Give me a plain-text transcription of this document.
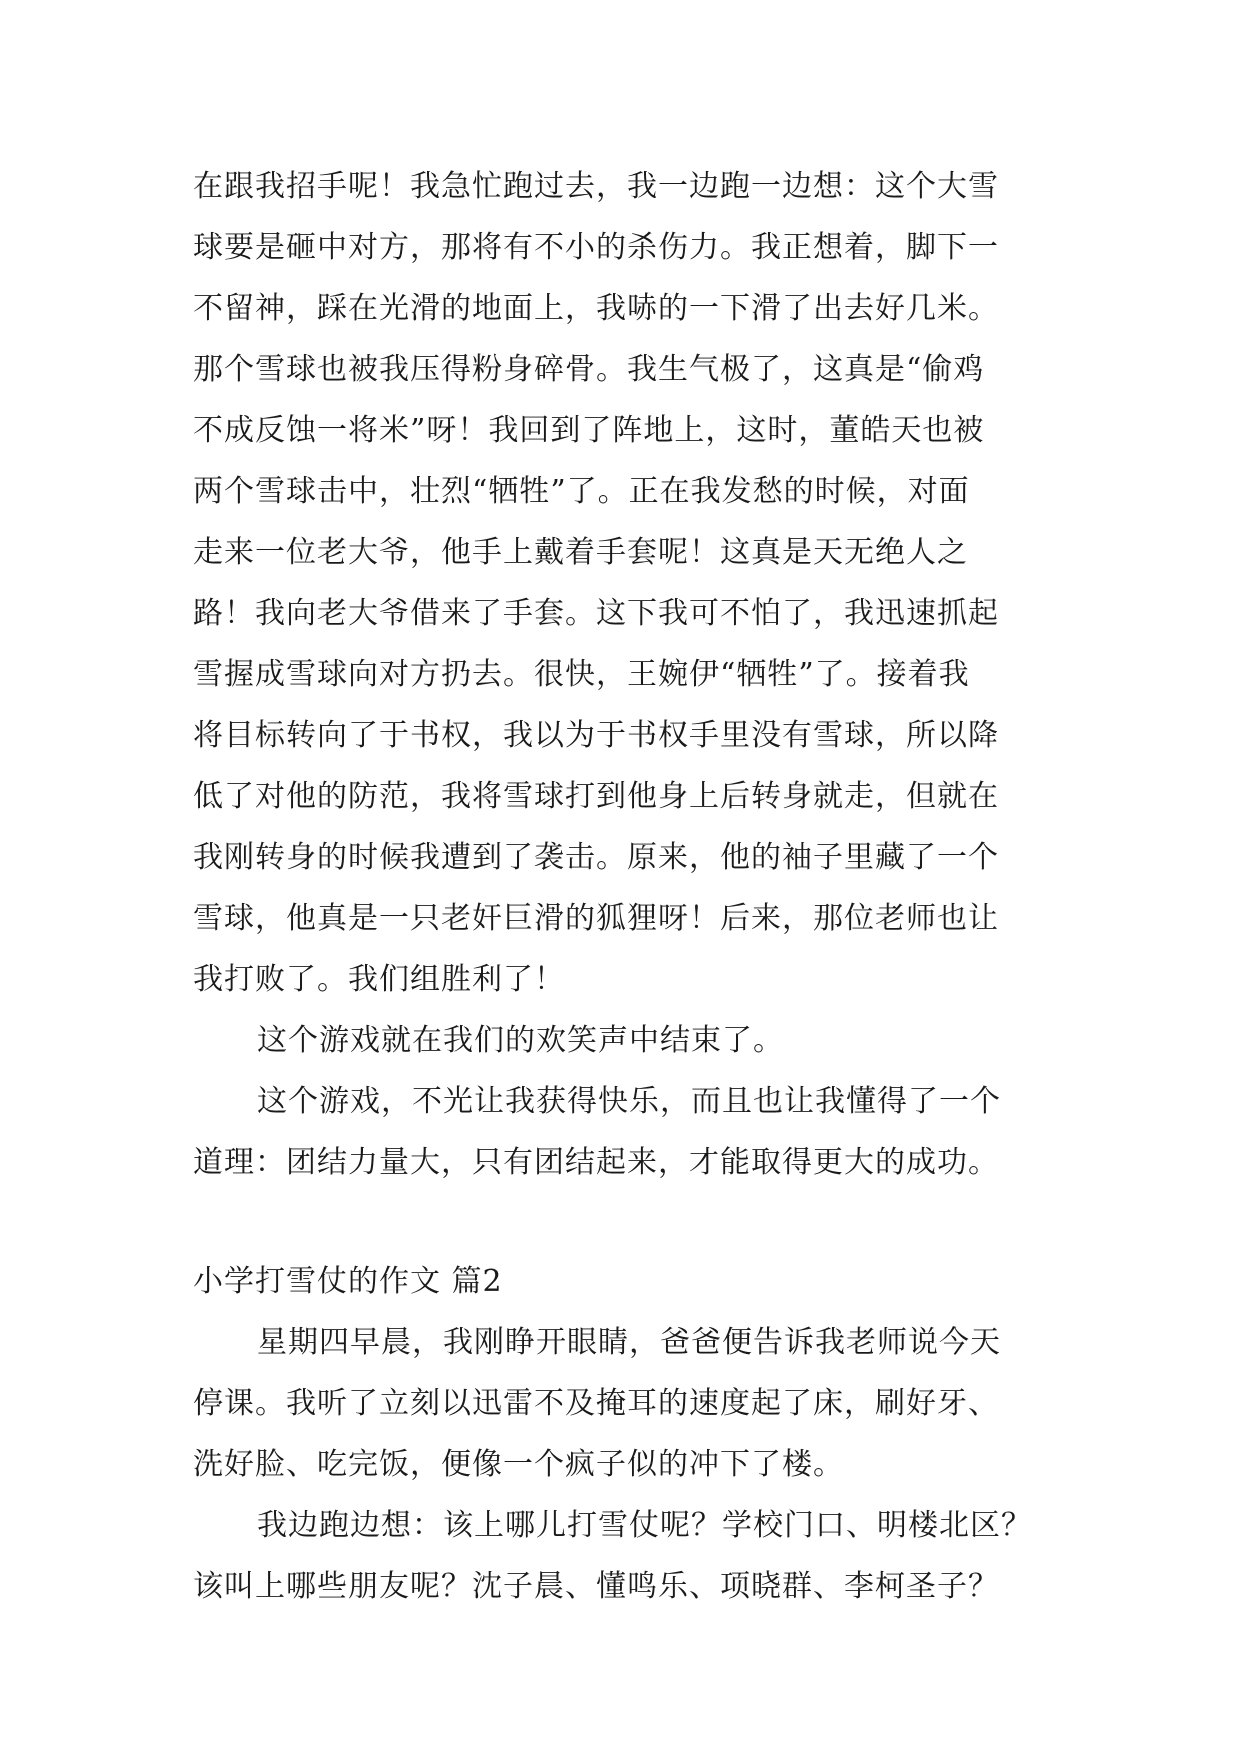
在跟我招手呢！我急忙跑过去，我一边跑一边想：这个大雪
球要是砸中对方，那将有不小的杀伤力。我正想着，脚下一
不留神，踩在光滑的地面上，我哧的一下滑了出去好几米。
那个雪球也被我压得粉身碎骨。我生气极了，这真是“偷鸡
不成反蚀一将米”呀！我回到了阵地上，这时，董皓天也被
两个雪球击中，壮烈“牺牲”了。正在我发愁的时候，对面
走来一位老大爷，他手上戴着手套呢！这真是天无绝人之
路！我向老大爷借来了手套。这下我可不怕了，我迅速抓起
雪握成雪球向对方扔去。很快，王婉伊“牺牲”了。接着我
将目标转向了于书权，我以为于书权手里没有雪球，所以降
低了对他的防范，我将雪球打到他身上后转身就走，但就在
我刚转身的时候我遭到了袭击。原来，他的袖子里藏了一个
雪球，他真是一只老奸巨滑的狐狸呀！后来，那位老师也让
我打败了。我们组胜利了！
这个游戏就在我们的欢笑声中结束了。
这个游戏，不光让我获得快乐，而且也让我懂得了一个
道理：团结力量大，只有团结起来，才能取得更大的成功。
小学打雪仗的作文 篇2
星期四早晨，我刚睁开眼睛，爸爸便告诉我老师说今天
停课。我听了立刻以迅雷不及掩耳的速度起了床，刷好牙、
洗好脸、吃完饭，便像一个疯子似的冲下了楼。
我边跑边想：该上哪儿打雪仗呢？学校门口、明楼北区？
该叫上哪些朋友呢？沈子晨、懂鸣乐、项晓群、李柯圣子？
